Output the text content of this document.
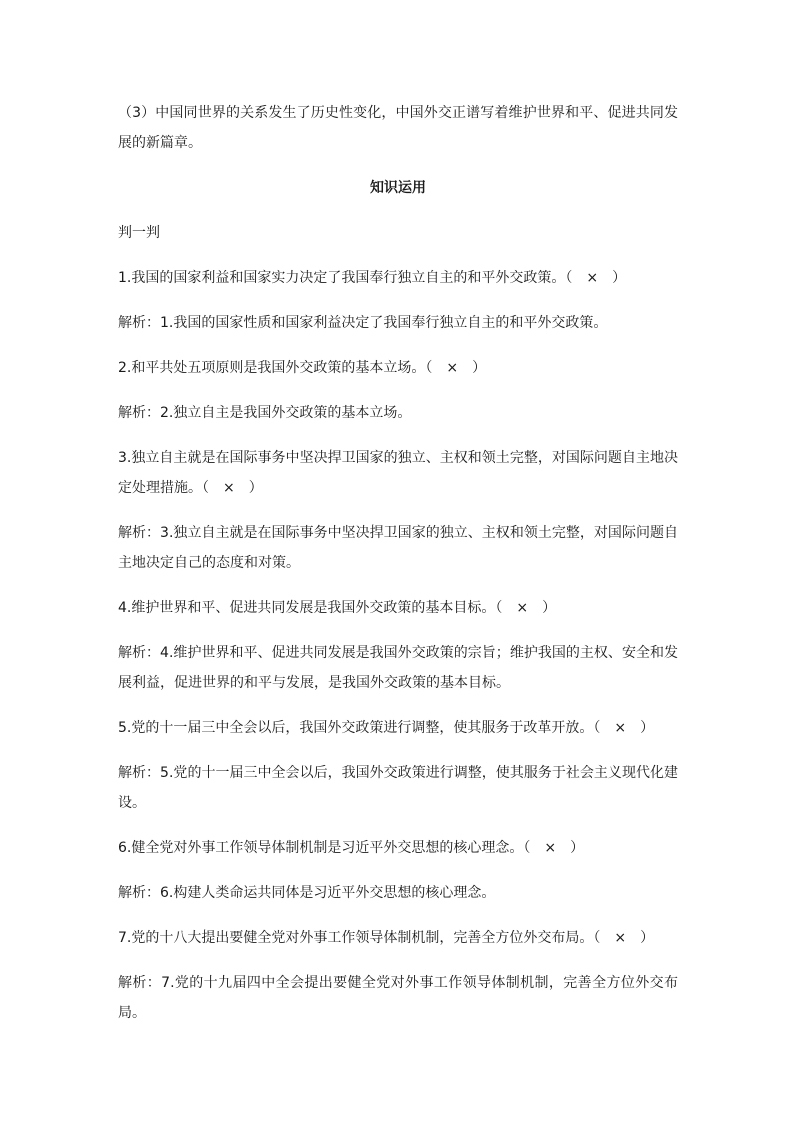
（3）中国同世界的关系发生了历史性变化，中国外交正谱写着维护世界和平、促进共同发展的新篇章。

知识运用
判一判

1.我国的国家利益和国家实力决定了我国奉行独立自主的和平外交政策。（　×　）

解析：1.我国的国家性质和国家利益决定了我国奉行独立自主的和平外交政策。

2.和平共处五项原则是我国外交政策的基本立场。（　×　）

解析：2.独立自主是我国外交政策的基本立场。

3.独立自主就是在国际事务中坚决捍卫国家的独立、主权和领土完整，对国际问题自主地决定处理措施。（　×　）

解析：3.独立自主就是在国际事务中坚决捍卫国家的独立、主权和领土完整，对国际问题自主地决定自己的态度和对策。

4.维护世界和平、促进共同发展是我国外交政策的基本目标。（　×　）

解析：4.维护世界和平、促进共同发展是我国外交政策的宗旨；维护我国的主权、安全和发展利益，促进世界的和平与发展，是我国外交政策的基本目标。

5.党的十一届三中全会以后，我国外交政策进行调整，使其服务于改革开放。（　×　）

解析：5.党的十一届三中全会以后，我国外交政策进行调整，使其服务于社会主义现代化建设。

6.健全党对外事工作领导体制机制是习近平外交思想的核心理念。（　×　）

解析：6.构建人类命运共同体是习近平外交思想的核心理念。

7.党的十八大提出要健全党对外事工作领导体制机制，完善全方位外交布局。（　×　）

解析：7.党的十九届四中全会提出要健全党对外事工作领导体制机制，完善全方位外交布局。
